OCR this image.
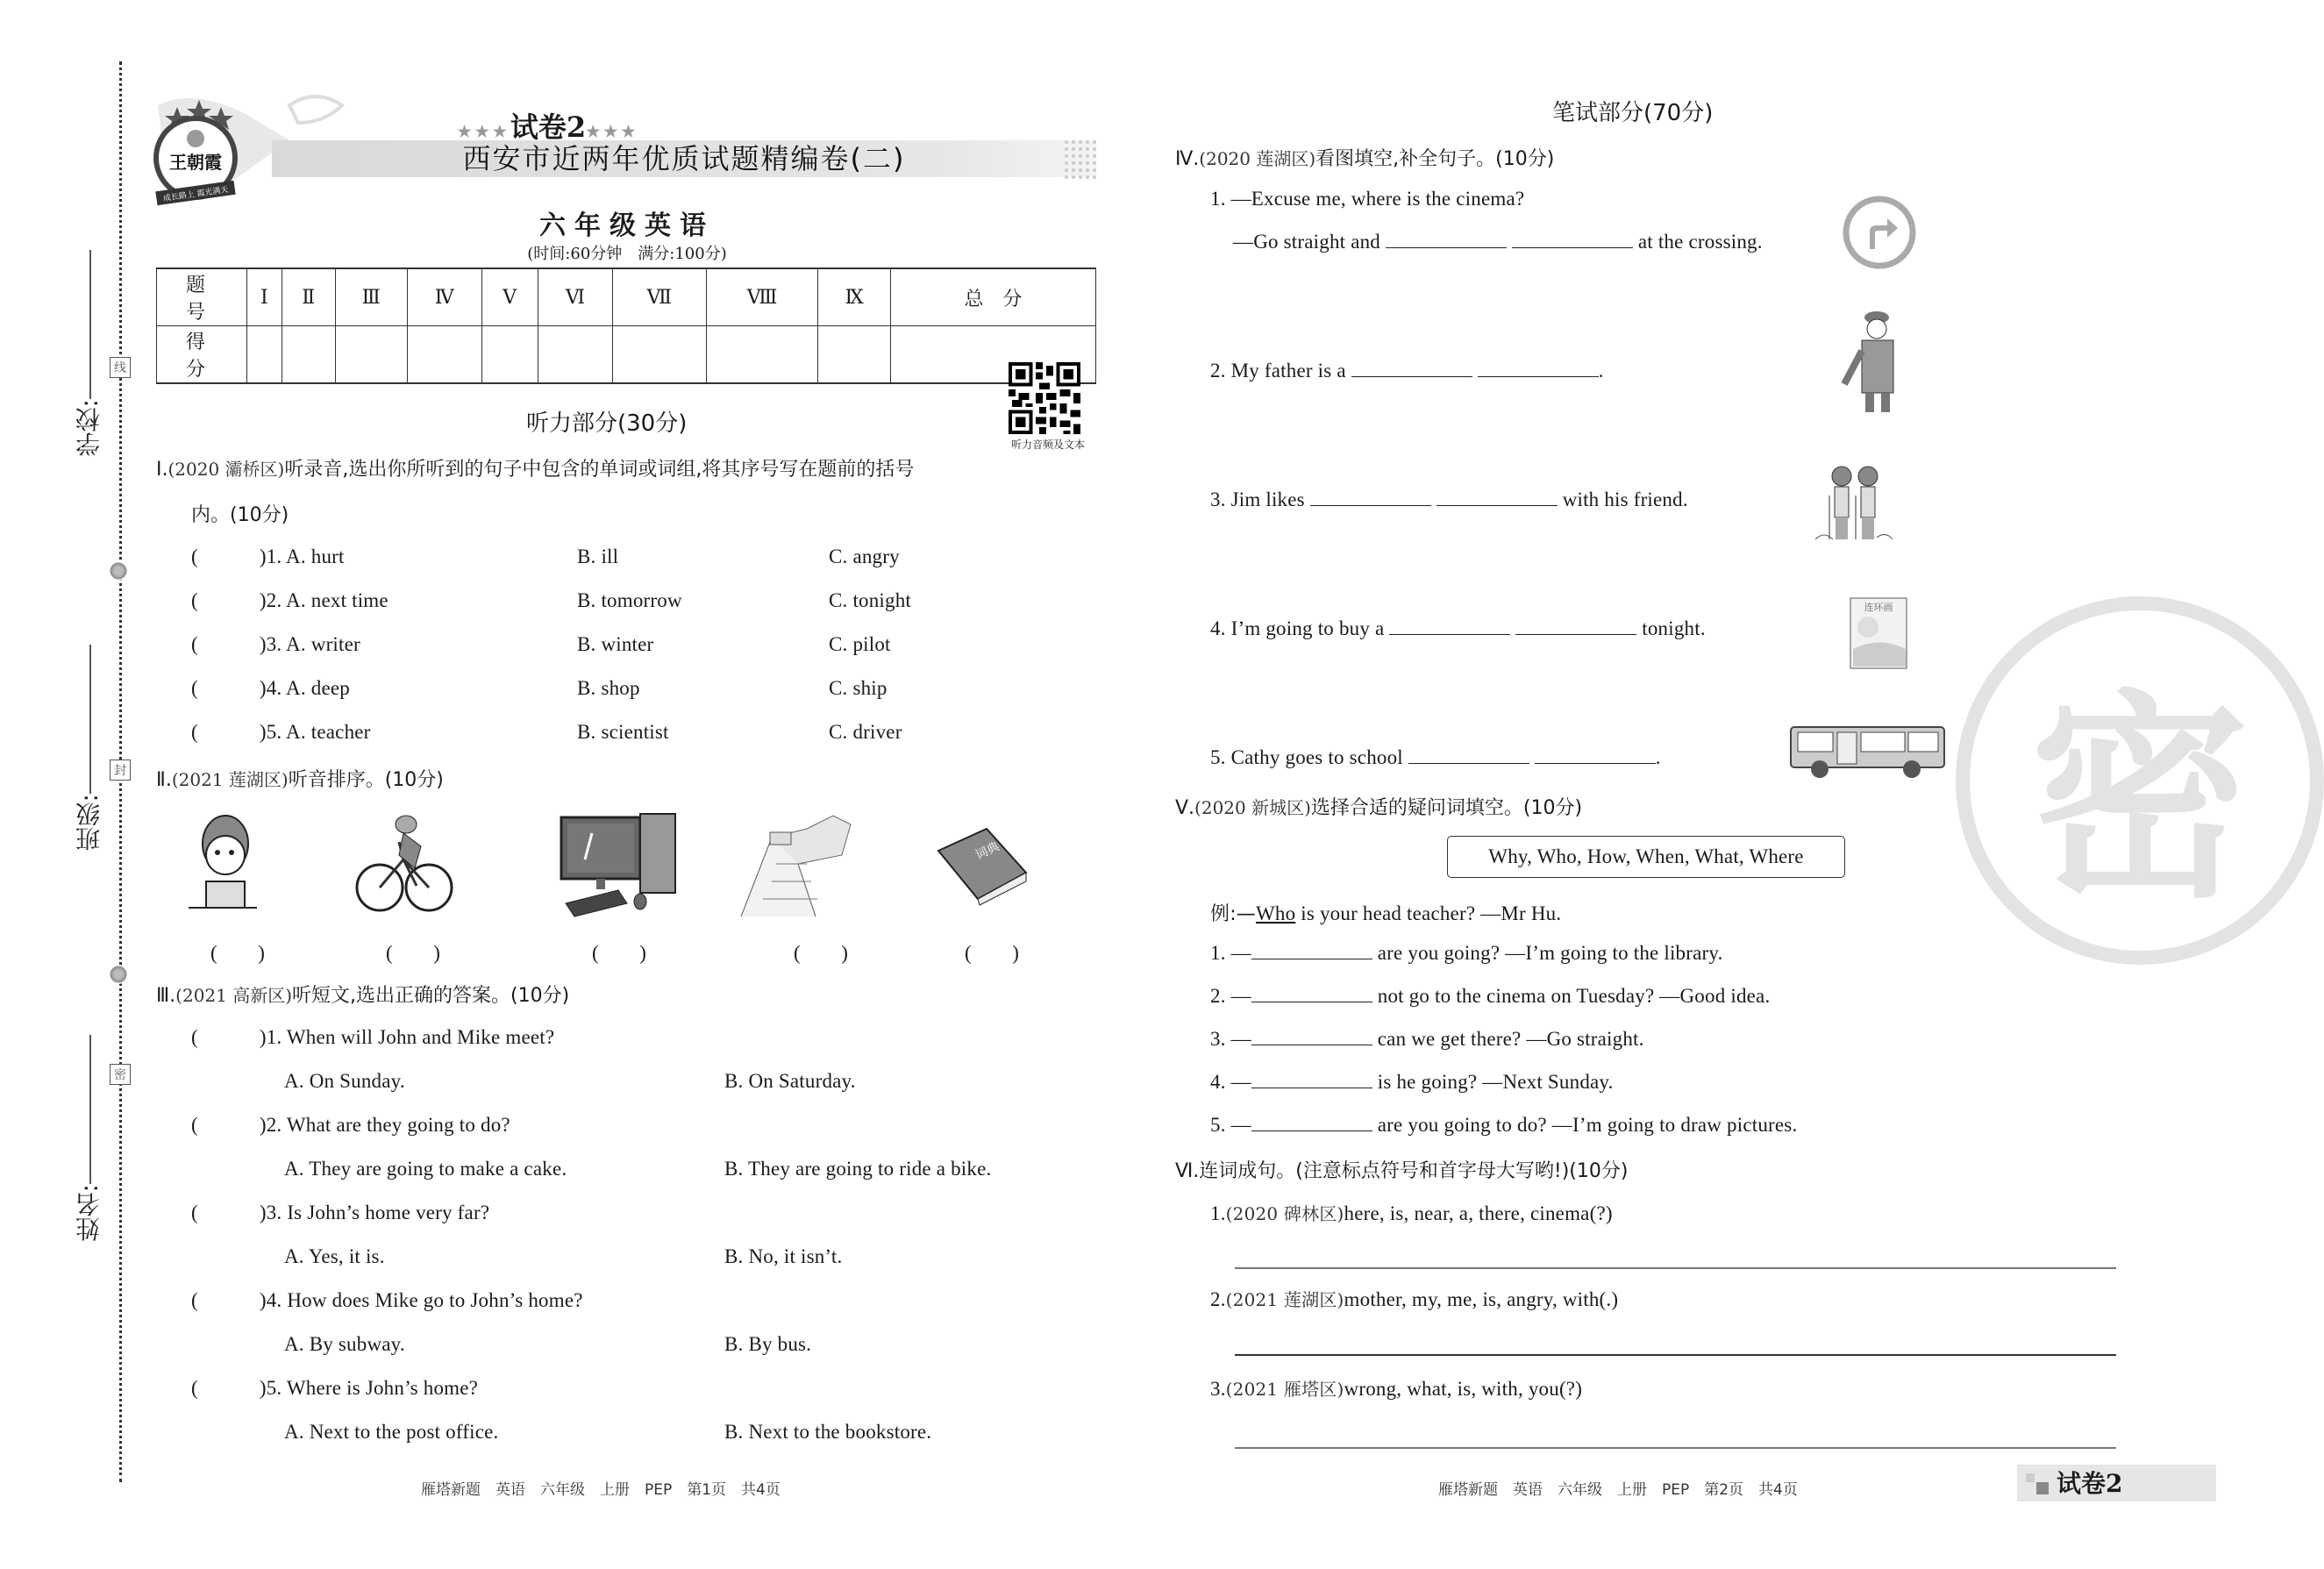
线
封
密
学校:
班级:
姓名:
王朝霞
成长路上 霞光满天
★★★试卷2★★★
西安市近两年优质试题精编卷(二)
六年级英语
(时间:60分钟　满分:100分)
题　号	Ⅰ	Ⅱ	Ⅲ	Ⅳ	Ⅴ	Ⅵ	Ⅶ	Ⅷ	Ⅸ	总　分
得　分										
听力音频及文本
听力部分(30分)
Ⅰ.(2020 灞桥区)听录音,选出你所听到的句子中包含的单词或词组,将其序号写在题前的括号
内。(10分)
(	)1. A. hurt	B. ill	C. angry
(	)2. A. next time	B. tomorrow	C. tonight
(	)3. A. writer	B. winter	C. pilot
(	)4. A. deep	B. shop	C. ship
(	)5. A. teacher	B. scientist	C. driver
Ⅱ.(2021 莲湖区)听音排序。(10分)
词典
(　　)	(　　)	(　　)	(　　)	(　　)
Ⅲ.(2021 高新区)听短文,选出正确的答案。(10分)
(	)1. When will John and Mike meet?
A. On Sunday.	B. On Saturday.
(	)2. What are they going to do?
A. They are going to make a cake.	B. They are going to ride a bike.
(	)3. Is John’s home very far?
A. Yes, it is.	B. No, it isn’t.
(	)4. How does Mike go to John’s home?
A. By subway.	B. By bus.
(	)5. Where is John’s home?
A. Next to the post office.	B. Next to the bookstore.
雁塔新题　英语　六年级　上册　PEP　第1页　共4页
密
笔试部分(70分)
Ⅳ.(2020 莲湖区)看图填空,补全句子。(10分)
1. —Excuse me, where is the cinema?
—Go straight and	at the crossing.
2. My father is a	.
3. Jim likes	with his friend.
4. I’m going to buy a	tonight.
连环画
5. Cathy goes to school	.
Ⅴ.(2020 新城区)选择合适的疑问词填空。(10分)
Why, Who, How, When, What, Where
例:—Who is your head teacher? —Mr Hu.
1. —	are you going? —I’m going to the library.
2. —	not go to the cinema on Tuesday? —Good idea.
3. —	can we get there? —Go straight.
4. —	is he going? —Next Sunday.
5. —	are you going to do? —I’m going to draw pictures.
Ⅵ.连词成句。(注意标点符号和首字母大写哟!)(10分)
1.(2020 碑林区)here, is, near, a, there, cinema(?)
2.(2021 莲湖区)mother, my, me, is, angry, with(.)
3.(2021 雁塔区)wrong, what, is, with, you(?)
雁塔新题　英语　六年级　上册　PEP　第2页　共4页	试卷2
